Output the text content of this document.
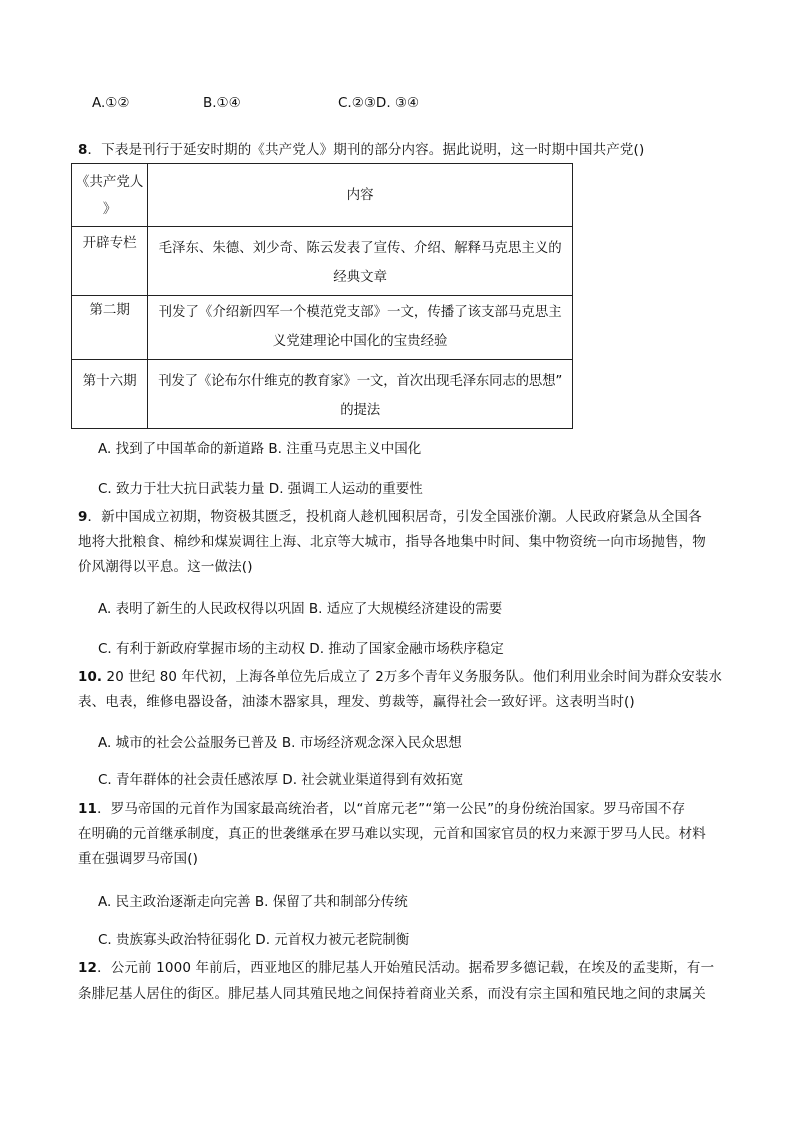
A.①②	B.①④	C.②③D. ③④
8．下表是刊行于延安时期的《共产党人》期刊的部分内容。据此说明，这一时期中国共产党()
《共产党人
》	内容
开辟专栏	毛泽东、朱德、刘少奇、陈云发表了宣传、介绍、解释马克思主义的
经典文章

第二期	刊发了《介绍新四军一个模范党支部》一文，传播了该支部马克思主
义党建理论中国化的宝贵经验

第十六期	刊发了《论布尔什维克的教育家》一文，首次出现毛泽东同志的思想”
的提法
A. 找到了中国革命的新道路 B. 注重马克思主义中国化
C. 致力于壮大抗日武装力量 D. 强调工人运动的重要性
9．新中国成立初期，物资极其匮乏，投机商人趁机囤积居奇，引发全国涨价潮。人民政府紧急从全国各
地将大批粮食、棉纱和煤炭调往上海、北京等大城市，指导各地集中时间、集中物资统一向市场抛售，物
价风潮得以平息。这一做法()
A. 表明了新生的人民政权得以巩固 B. 适应了大规模经济建设的需要
C. 有利于新政府掌握市场的主动权 D. 推动了国家金融市场秩序稳定
10. 20 世纪 80 年代初，上海各单位先后成立了 2万多个青年义务服务队。他们利用业余时间为群众安装水
表、电表，维修电器设备，油漆木器家具，理发、剪裁等，赢得社会一致好评。这表明当时()
A. 城市的社会公益服务已普及 B. 市场经济观念深入民众思想
C. 青年群体的社会责任感浓厚 D. 社会就业渠道得到有效拓宽
11．罗马帝国的元首作为国家最高统治者，以“首席元老”“第一公民”的身份统治国家。罗马帝国不存
在明确的元首继承制度，真正的世袭继承在罗马难以实现，元首和国家官员的权力来源于罗马人民。材料
重在强调罗马帝国()
A. 民主政治逐渐走向完善 B. 保留了共和制部分传统
C. 贵族寡头政治特征弱化 D. 元首权力被元老院制衡
12．公元前 1000 年前后，西亚地区的腓尼基人开始殖民活动。据希罗多德记载，在埃及的孟斐斯，有一
条腓尼基人居住的街区。腓尼基人同其殖民地之间保持着商业关系，而没有宗主国和殖民地之间的隶属关
